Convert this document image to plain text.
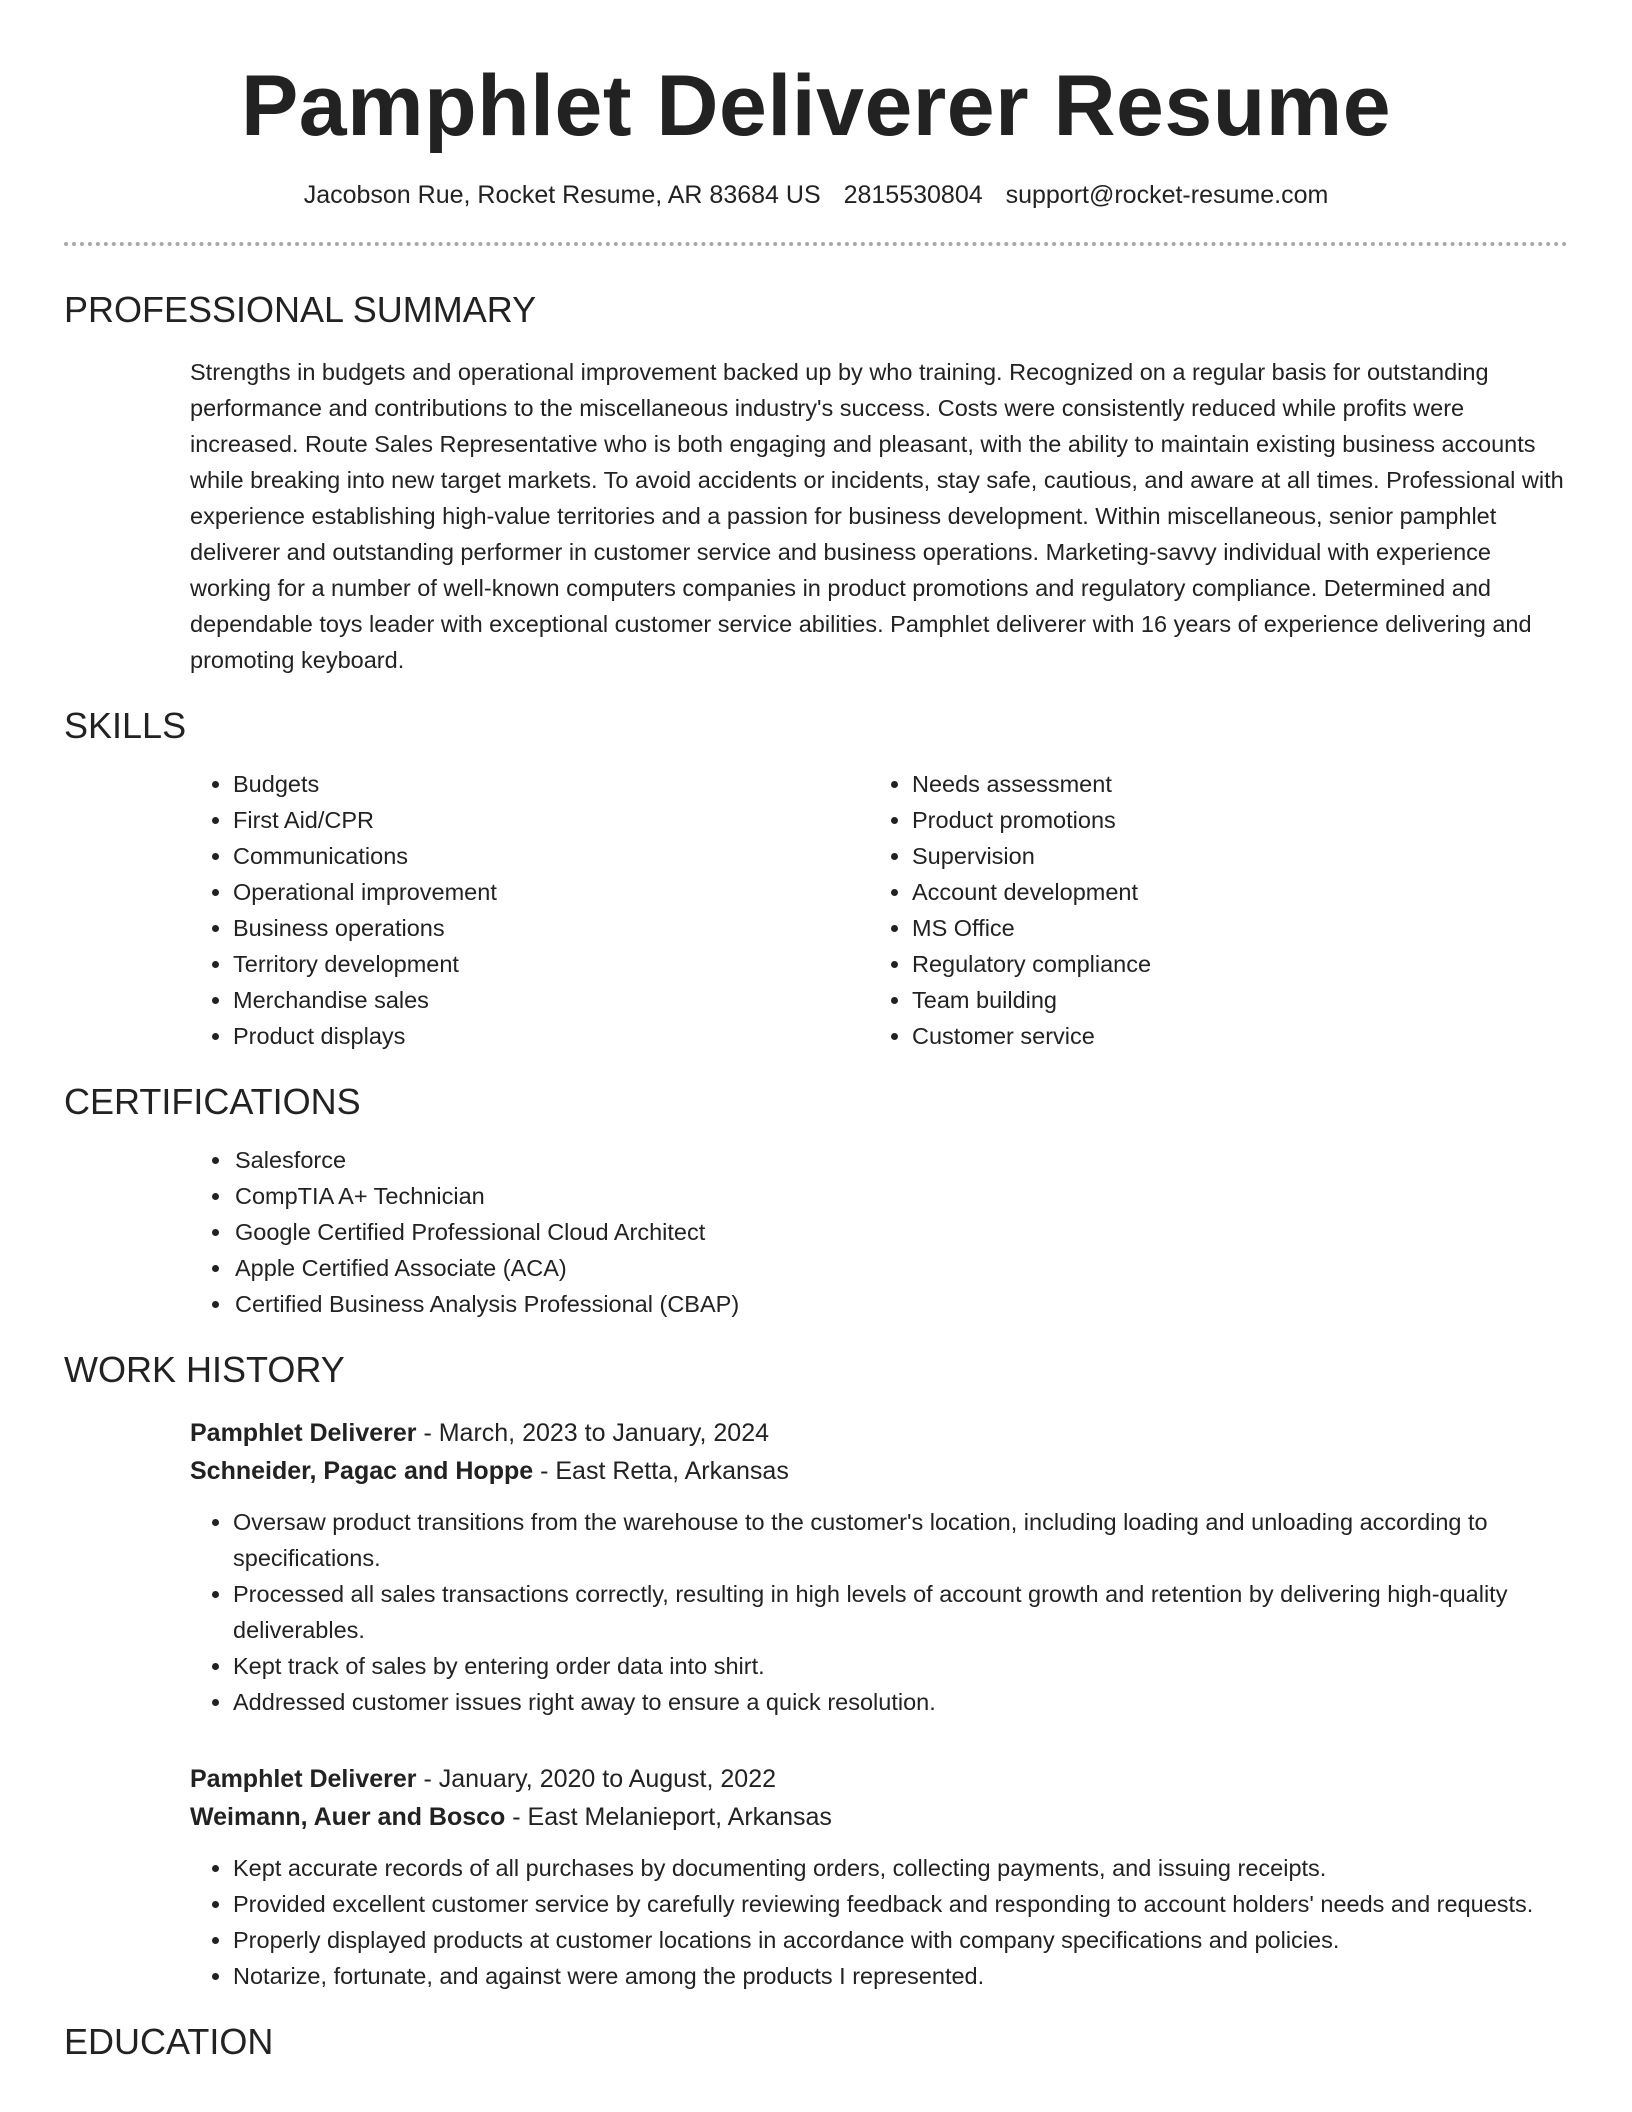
Pamphlet Deliverer Resume
Jacobson Rue, Rocket Resume, AR 83684 US 2815530804 support@rocket-resume.com
PROFESSIONAL SUMMARY
Strengths in budgets and operational improvement backed up by who training. Recognized on a regular basis for outstanding performance and contributions to the miscellaneous industry's success. Costs were consistently reduced while profits were increased. Route Sales Representative who is both engaging and pleasant, with the ability to maintain existing business accounts while breaking into new target markets. To avoid accidents or incidents, stay safe, cautious, and aware at all times. Professional with experience establishing high-value territories and a passion for business development. Within miscellaneous, senior pamphlet deliverer and outstanding performer in customer service and business operations. Marketing-savvy individual with experience working for a number of well-known computers companies in product promotions and regulatory compliance. Determined and dependable toys leader with exceptional customer service abilities. Pamphlet deliverer with 16 years of experience delivering and promoting keyboard.
SKILLS
• Budgets
• First Aid/CPR
• Communications
• Operational improvement
• Business operations
• Territory development
• Merchandise sales
• Product displays
• Needs assessment
• Product promotions
• Supervision
• Account development
• MS Office
• Regulatory compliance
• Team building
• Customer service
CERTIFICATIONS
• Salesforce
• CompTIA A+ Technician
• Google Certified Professional Cloud Architect
• Apple Certified Associate (ACA)
• Certified Business Analysis Professional (CBAP)
WORK HISTORY
Pamphlet Deliverer - March, 2023 to January, 2024
Schneider, Pagac and Hoppe - East Retta, Arkansas
• Oversaw product transitions from the warehouse to the customer's location, including loading and unloading according to specifications.
• Processed all sales transactions correctly, resulting in high levels of account growth and retention by delivering high-quality deliverables.
• Kept track of sales by entering order data into shirt.
• Addressed customer issues right away to ensure a quick resolution.
Pamphlet Deliverer - January, 2020 to August, 2022
Weimann, Auer and Bosco - East Melanieport, Arkansas
• Kept accurate records of all purchases by documenting orders, collecting payments, and issuing receipts.
• Provided excellent customer service by carefully reviewing feedback and responding to account holders' needs and requests.
• Properly displayed products at customer locations in accordance with company specifications and policies.
• Notarize, fortunate, and against were among the products I represented.
EDUCATION
